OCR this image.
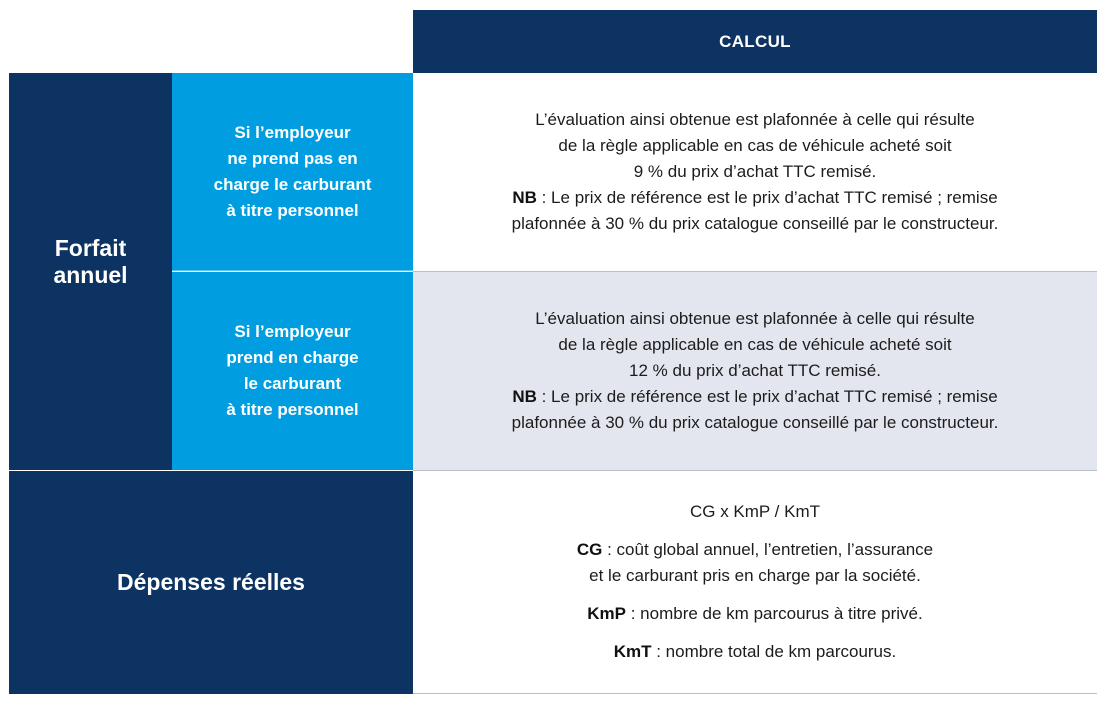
CALCUL
Forfait
annuel
Si l’employeur
ne prend pas en
charge le carburant
à titre personnel
Si l’employeur
prend en charge
le carburant
à titre personnel

L’évaluation ainsi obtenue est plafonnée à celle qui résulte
de la règle applicable en cas de véhicule acheté soit
9 % du prix d’achat TTC remisé.

NB : Le prix de référence est le prix d’achat TTC remisé ; remise
plafonnée à 30 % du prix catalogue conseillé par le constructeur.

L’évaluation ainsi obtenue est plafonnée à celle qui résulte
de la règle applicable en cas de véhicule acheté soit
12 % du prix d’achat TTC remisé.

NB : Le prix de référence est le prix d’achat TTC remisé ; remise
plafonnée à 30 % du prix catalogue conseillé par le constructeur.

Dépenses réelles

CG x KmP / KmT

CG : coût global annuel, l’entretien, l’assurance
et le carburant pris en charge par la société.

KmP : nombre de km parcourus à titre privé.

KmT : nombre total de km parcourus.
